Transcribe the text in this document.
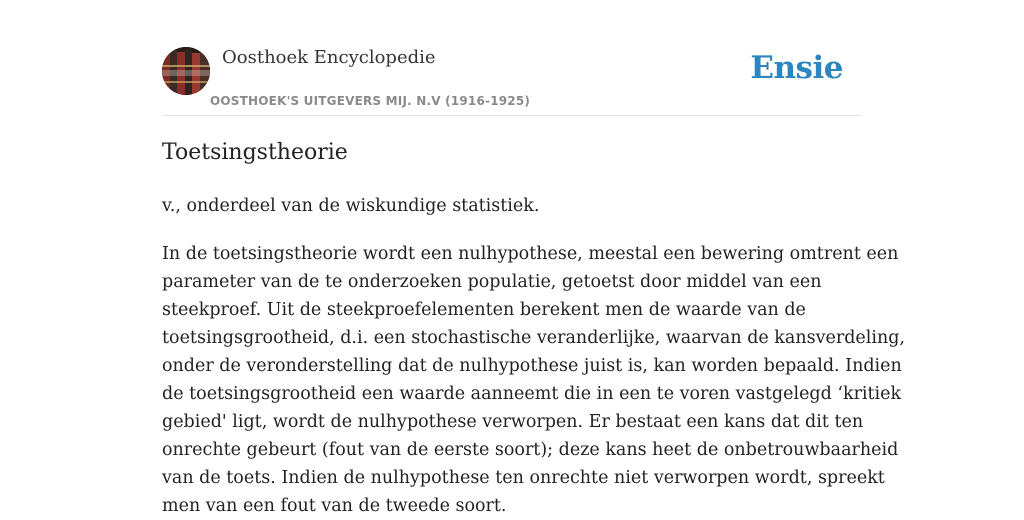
Oosthoek Encyclopedie
OOSTHOEK'S UITGEVERS MIJ. N.V (1916-1925)
Ensie
Toetsingstheorie

v., onderdeel van de wiskundige statistiek.

In de toetsingstheorie wordt een nulhypothese, meestal een bewering omtrent een
parameter van de te onderzoeken populatie, getoetst door middel van een
steekproef. Uit de steekproefelementen berekent men de waarde van de
toetsingsgrootheid, d.i. een stochastische veranderlijke, waarvan de kansverdeling,
onder de veronderstelling dat de nulhypothese juist is, kan worden bepaald. Indien
de toetsingsgrootheid een waarde aanneemt die in een te voren vastgelegd ‘kritiek
gebied' ligt, wordt de nulhypothese verworpen. Er bestaat een kans dat dit ten
onrechte gebeurt (fout van de eerste soort); deze kans heet de onbetrouwbaarheid
van de toets. Indien de nulhypothese ten onrechte niet verworpen wordt, spreekt
men van een fout van de tweede soort.
